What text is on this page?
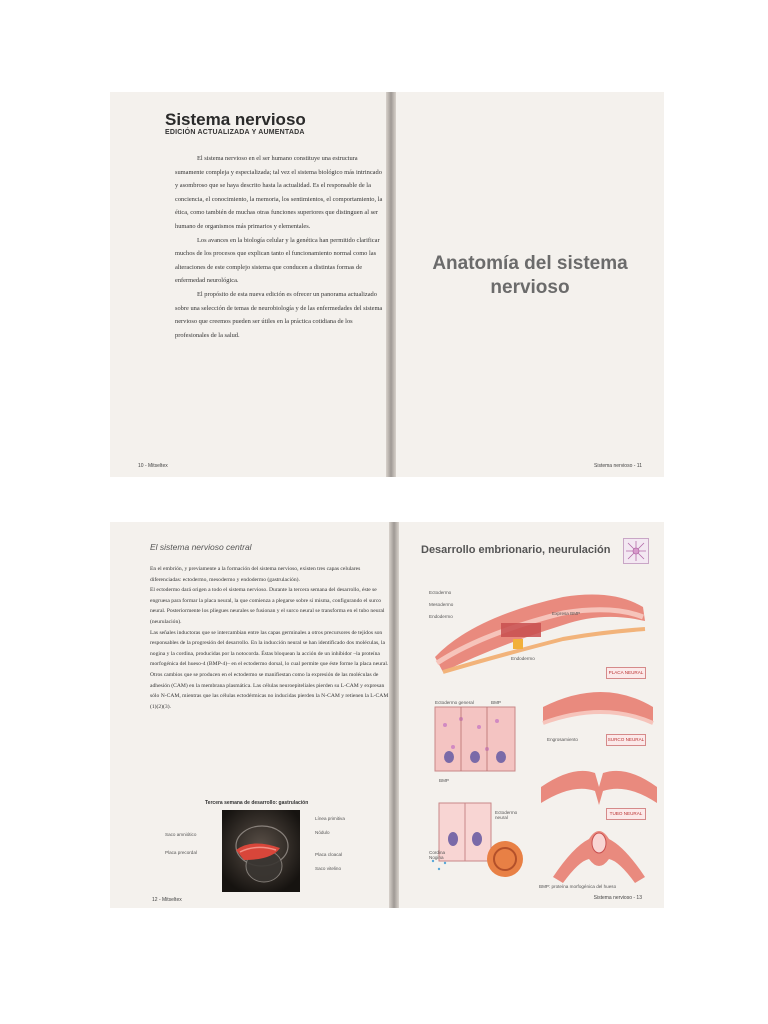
Sistema nervioso
EDICIÓN ACTUALIZADA Y AUMENTADA

El sistema nervioso en el ser humano constituye una estructura sumamente compleja y especializada; tal vez el sistema biológico más intrincado y asombroso que se haya descrito hasta la actualidad. Es el responsable de la conciencia, el conocimiento, la memoria, los sentimientos, el comportamiento, la ética, como también de muchas otras funciones superiores que distinguen al ser humano de organismos más primarios y elementales.

Los avances en la biología celular y la genética han permitido clarificar muchos de los procesos que explican tanto el funcionamiento normal como las alteraciones de este complejo sistema que conducen a distintas formas de enfermedad neurológica.

El propósito de esta nueva edición es ofrecer un panorama actualizado sobre una selección de temas de neurobiología y de las enfermedades del sistema nervioso que creemos pueden ser útiles en la práctica cotidiana de los profesionales de la salud.

10 - Mitseltex
Anatomía del sistema
nervioso
Sistema nervioso - 11
El sistema nervioso central

En el embrión, y previamente a la formación del sistema nervioso, existen tres capas celulares diferenciadas: ectodermo, mesodermo y endodermo (gastrulación).

El ectodermo dará origen a todo el sistema nervioso. Durante la tercera semana del desarrollo, éste se engruesa para formar la placa neural, la que comienza a plegarse sobre sí misma, configurando el surco neural. Posteriormente los pliegues neurales se fusionan y el surco neural se transforma en el tubo neural (neurulación).

Las señales inductoras que se intercambian entre las capas germinales a otros precursores de tejidos son responsables de la progresión del desarrollo. En la inducción neural se han identificado dos moléculas, la nogina y la cordina, producidas por la notocorda. Éstas bloquean la acción de un inhibidor –la proteína morfogénica del hueso-4 (BMP-4)– en el ectodermo dorsal, lo cual permite que éste forme la placa neural. Otros cambios que se producen en el ectodermo se manifiestan como la expresión de las moléculas de adhesión (CAM) en la membrana plasmática. Las células neuroepiteliales pierden su L-CAM y expresan sólo N-CAM, mientras que las células ectodérmicas no inducidas pierden la N-CAM y retienen la L-CAM (1)(2)(3).

Tercera semana de desarrollo: gastrulación
Línea primitiva
Saco amniótico	Nódulo
Placa precordal	Placa cloacal
Saco vitelino
12 - Mitseltex
Desarrollo embrionario, neurulación
Ectodermo
Mesodermo
Endodermo
Expresa BMP
Endodermo
Ectodermo general	BMP
Engrosamiento
BMP
Ectodermo neural
Cordina Nogina
PLACA NEURAL
SURCO NEURAL
TUBO NEURAL
BMP: proteína morfogénica del hueso
Sistema nervioso - 13
